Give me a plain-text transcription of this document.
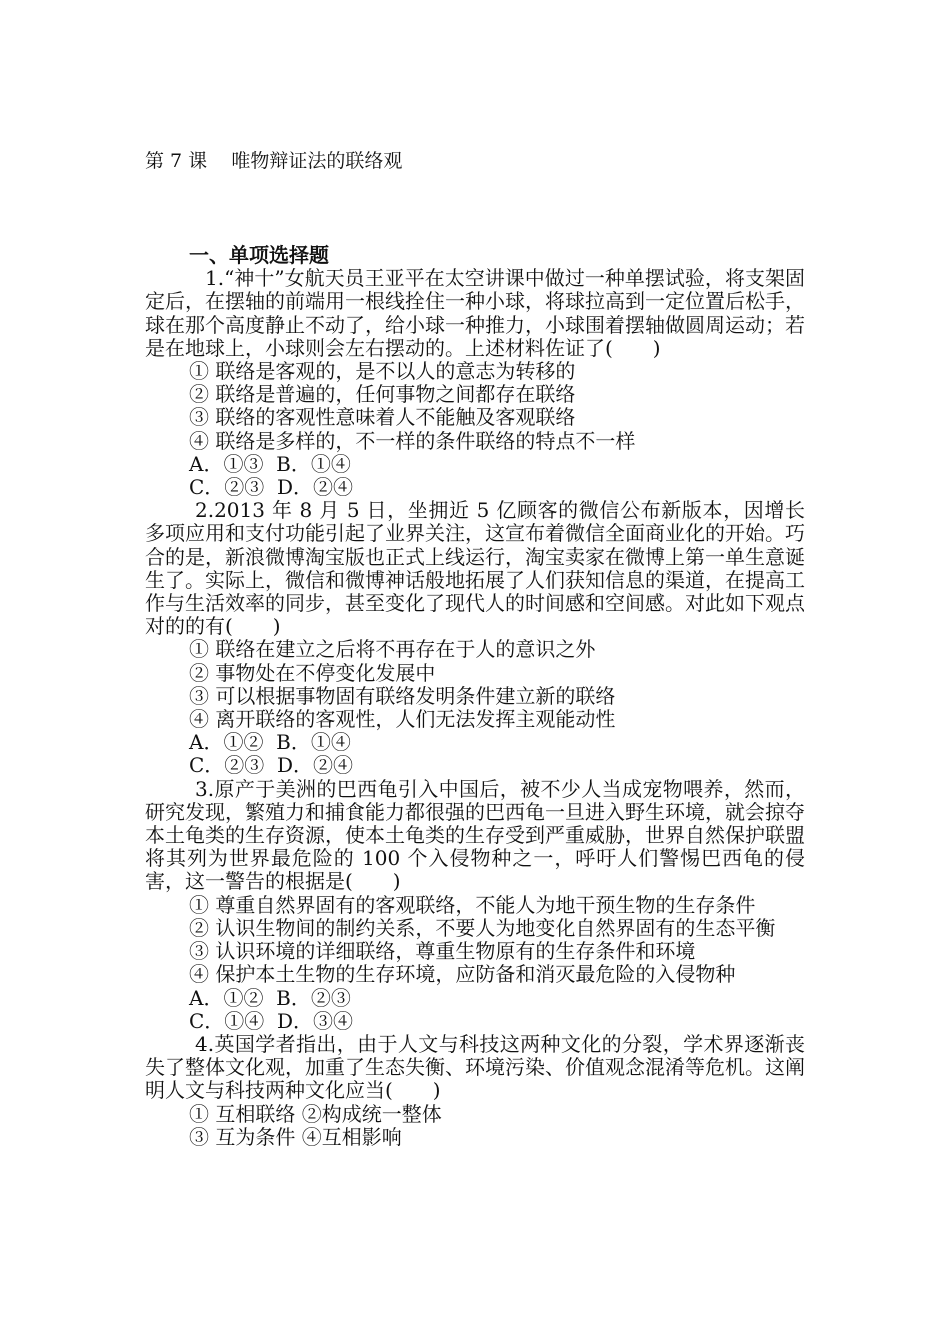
第 7 课    唯物辩证法的联络观
一、单项选择题
1.“神十”女航天员王亚平在太空讲课中做过一种单摆试验，将支架固定后，在摆轴的前端用一根线拴住一种小球，将球拉高到一定位置后松手，球在那个高度静止不动了，给小球一种推力，小球围着摆轴做圆周运动；若是在地球上，小球则会左右摆动的。上述材料佐证了(　　)
① 联络是客观的，是不以人的意志为转移的
② 联络是普遍的，任何事物之间都存在联络
③ 联络的客观性意味着人不能触及客观联络
④ 联络是多样的，不一样的条件联络的特点不一样
A．①③  B．①④
C．②③  D．②④
2.2013 年 8 月 5 日，坐拥近 5 亿顾客的微信公布新版本，因增长多项应用和支付功能引起了业界关注，这宣布着微信全面商业化的开始。巧合的是，新浪微博淘宝版也正式上线运行，淘宝卖家在微博上第一单生意诞生了。实际上，微信和微博神话般地拓展了人们获知信息的渠道，在提高工作与生活效率的同步，甚至变化了现代人的时间感和空间感。对此如下观点对的的有(　　)
① 联络在建立之后将不再存在于人的意识之外
② 事物处在不停变化发展中
③ 可以根据事物固有联络发明条件建立新的联络
④ 离开联络的客观性，人们无法发挥主观能动性
A．①②  B．①④
C．②③  D．②④
3.原产于美洲的巴西龟引入中国后，被不少人当成宠物喂养，然而，研究发现，繁殖力和捕食能力都很强的巴西龟一旦进入野生环境，就会掠夺本土龟类的生存资源，使本土龟类的生存受到严重威胁，世界自然保护联盟将其列为世界最危险的 100 个入侵物种之一，呼吁人们警惕巴西龟的侵害，这一警告的根据是(　　)
① 尊重自然界固有的客观联络，不能人为地干预生物的生存条件
② 认识生物间的制约关系，不要人为地变化自然界固有的生态平衡
③ 认识环境的详细联络，尊重生物原有的生存条件和环境
④ 保护本土生物的生存环境，应防备和消灭最危险的入侵物种
A．①②  B．②③
C．①④  D．③④
4.英国学者指出，由于人文与科技这两种文化的分裂，学术界逐渐丧失了整体文化观，加重了生态失衡、环境污染、价值观念混淆等危机。这阐明人文与科技两种文化应当(　　)
① 互相联络 ②构成统一整体
③ 互为条件 ④互相影响
